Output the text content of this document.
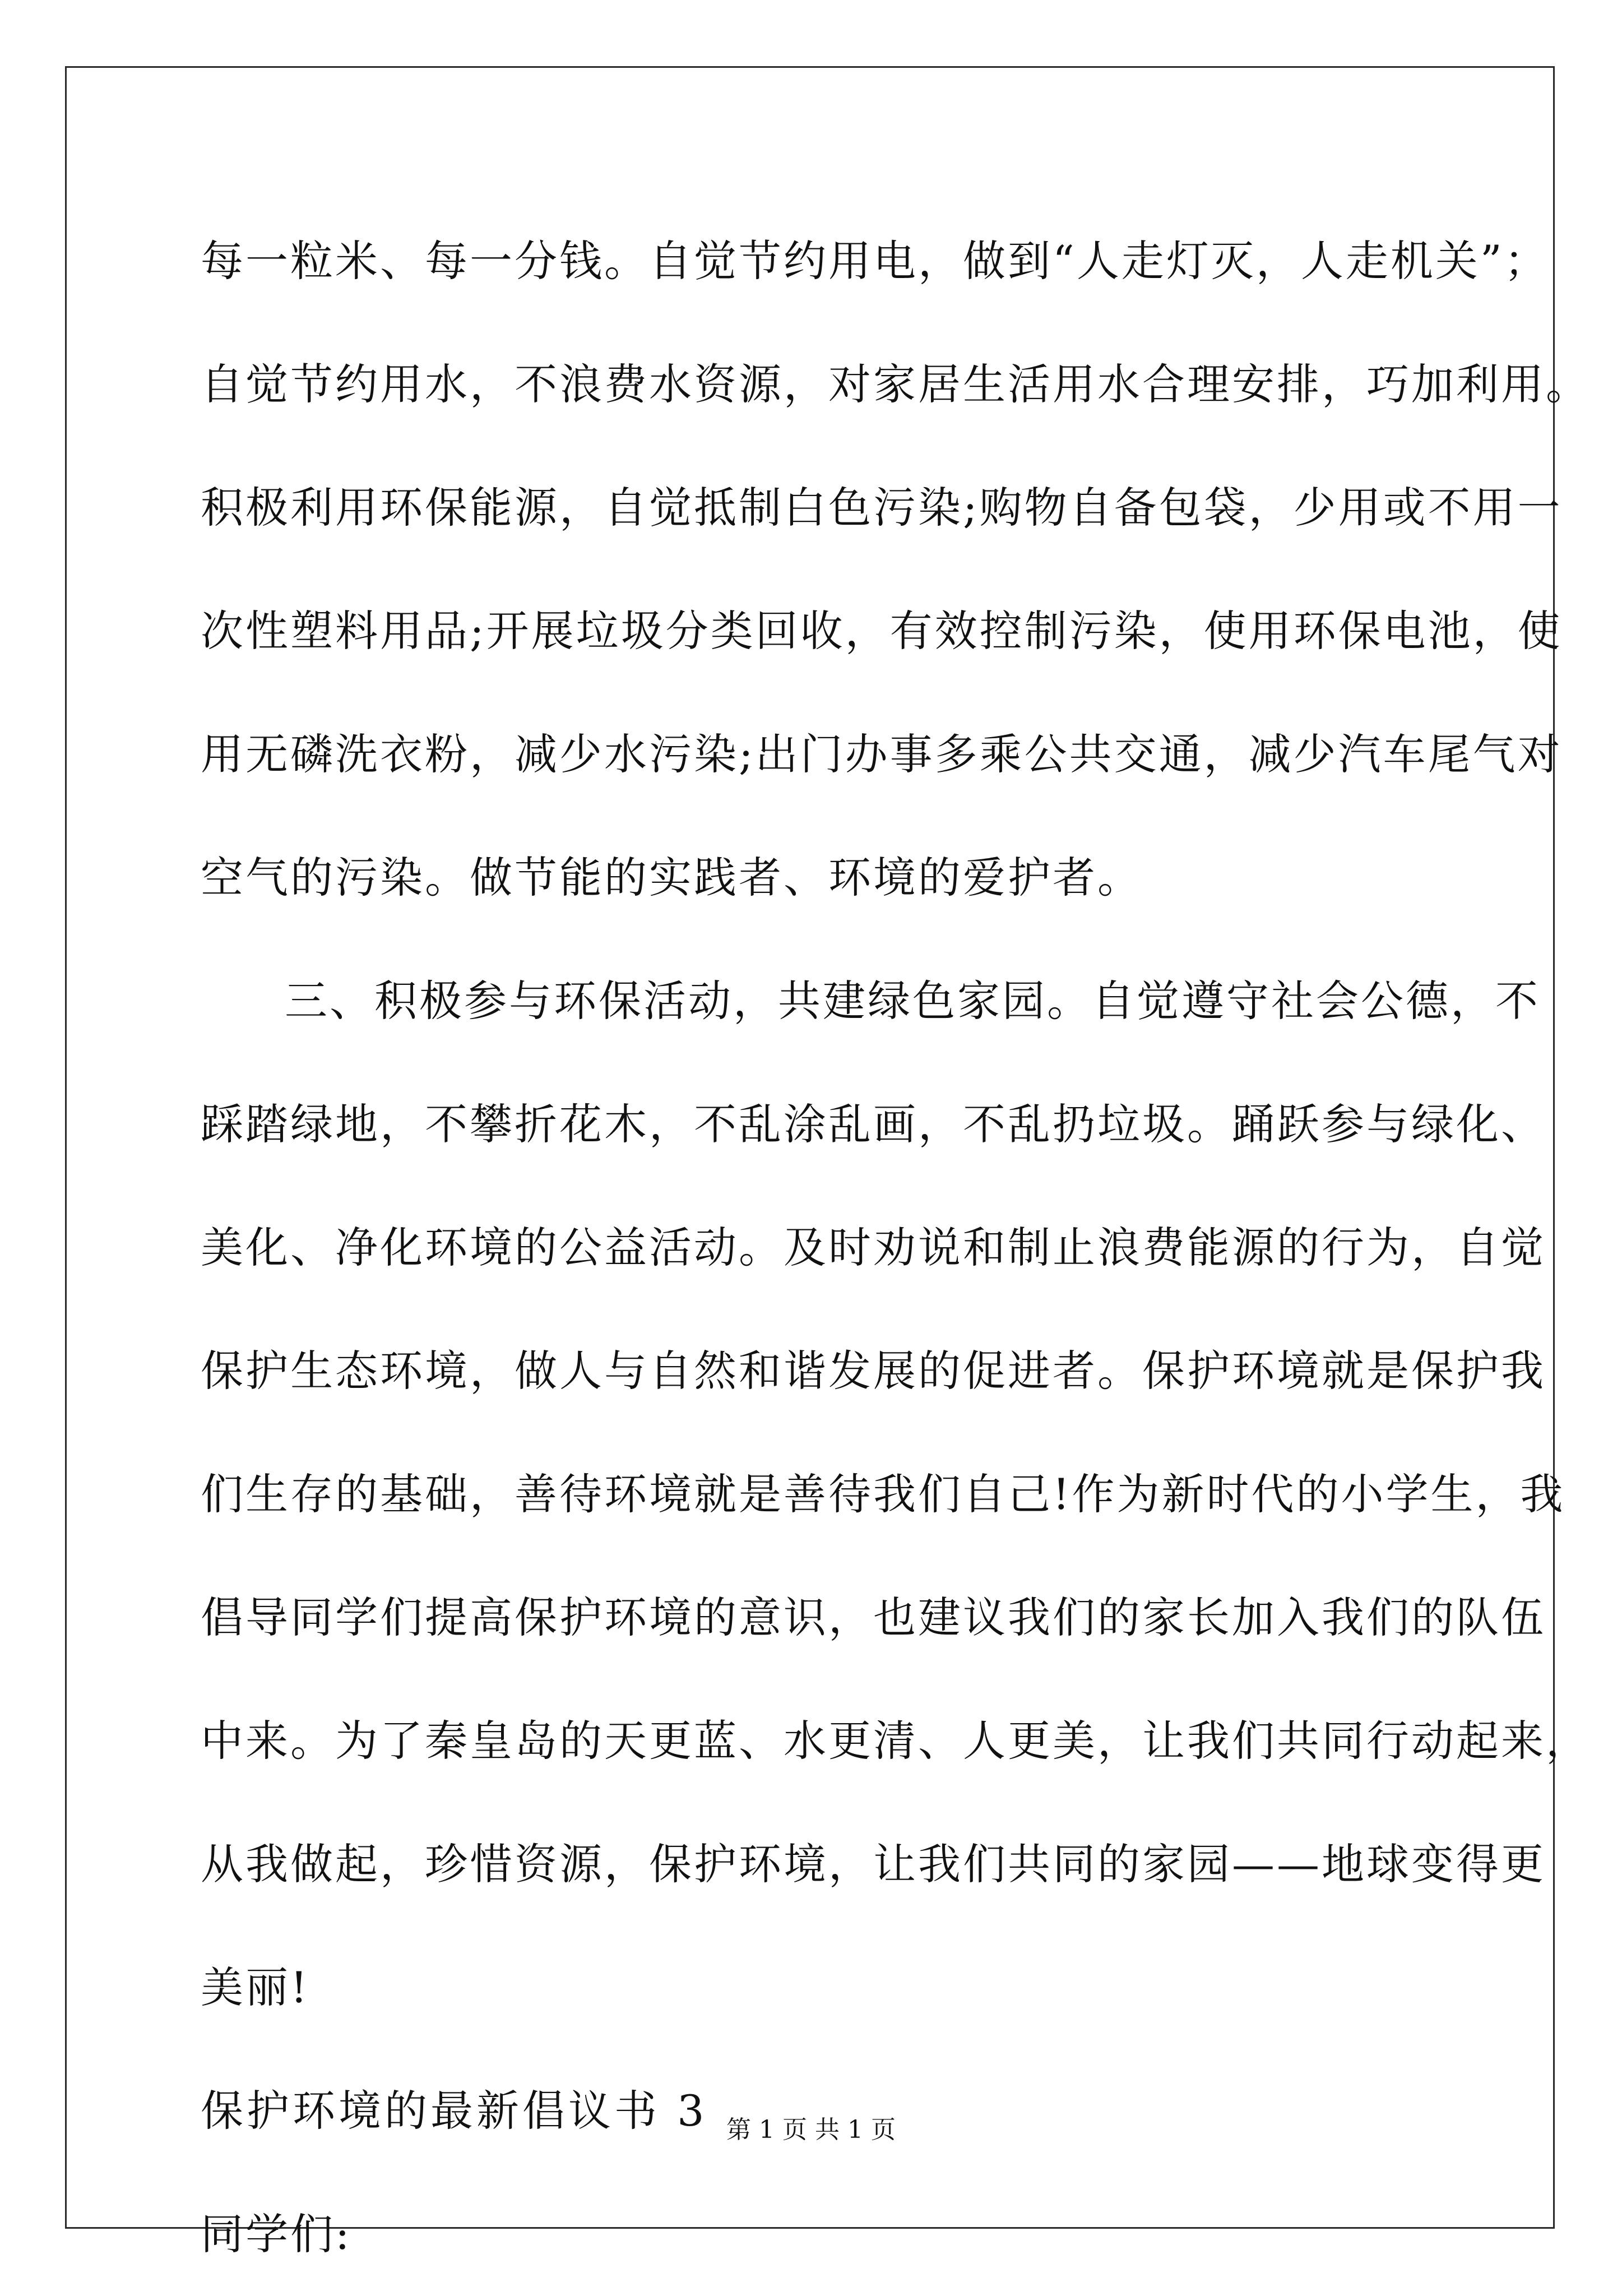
每一粒米、每一分钱。自觉节约用电，做到“人走灯灭，人走机关”；
自觉节约用水，不浪费水资源，对家居生活用水合理安排，巧加利用。
积极利用环保能源，自觉抵制白色污染;购物自备包袋，少用或不用一
次性塑料用品;开展垃圾分类回收，有效控制污染，使用环保电池，使
用无磷洗衣粉，减少水污染;出门办事多乘公共交通，减少汽车尾气对
空气的污染。做节能的实践者、环境的爱护者。
三、积极参与环保活动，共建绿色家园。自觉遵守社会公德，不
踩踏绿地，不攀折花木，不乱涂乱画，不乱扔垃圾。踊跃参与绿化、
美化、净化环境的公益活动。及时劝说和制止浪费能源的行为，自觉
保护生态环境，做人与自然和谐发展的促进者。保护环境就是保护我
们生存的基础，善待环境就是善待我们自己!作为新时代的小学生，我
倡导同学们提高保护环境的意识，也建议我们的家长加入我们的队伍
中来。为了秦皇岛的天更蓝、水更清、人更美，让我们共同行动起来，
从我做起，珍惜资源，保护环境，让我们共同的家园——地球变得更
美丽!
保护环境的最新倡议书 3
同学们:
第 1 页 共 1 页
